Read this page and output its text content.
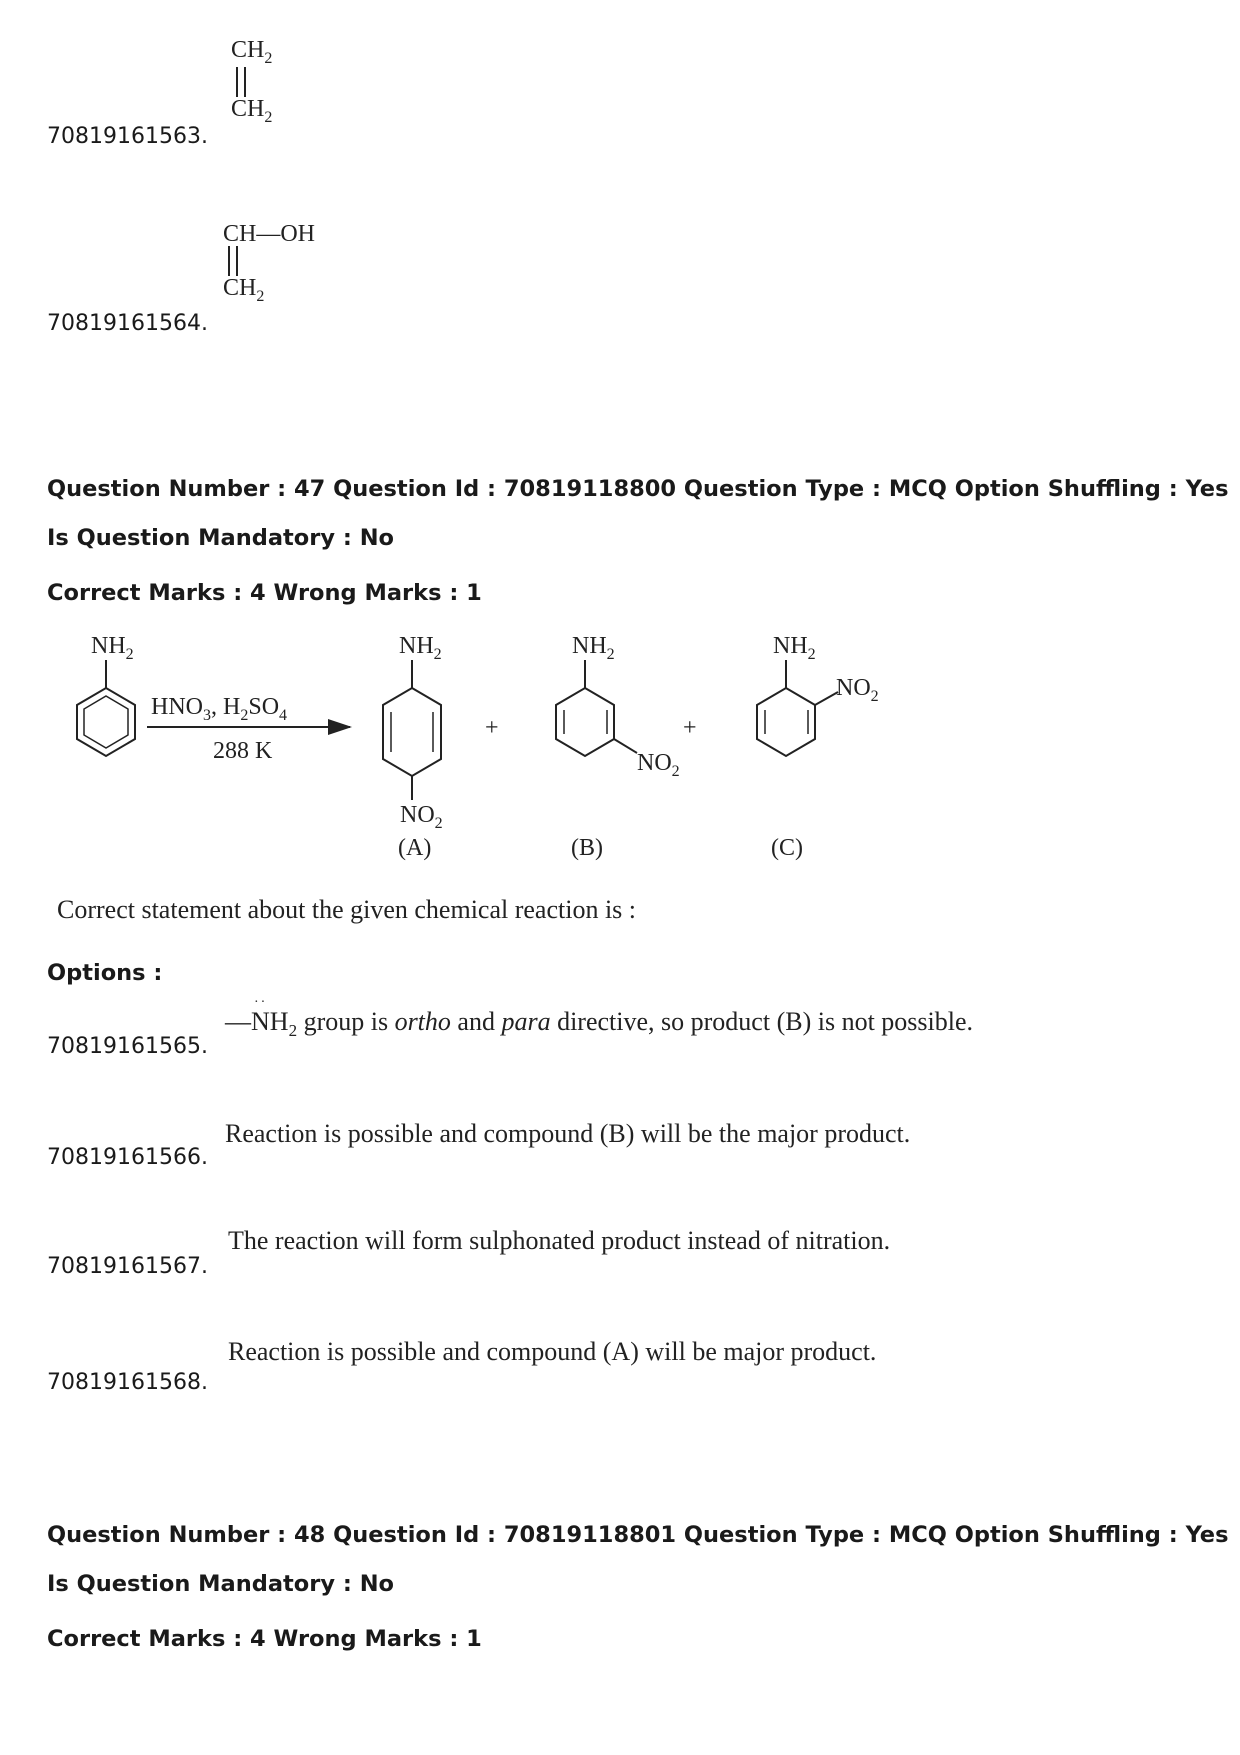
$CH_2$
$CH_2$
70819161563.
CH—OH
$CH_2$
70819161564.
Question Number : 47 Question Id : 70819118800 Question Type : MCQ Option Shuffling : Yes
Is Question Mandatory : No
Correct Marks : 4 Wrong Marks : 1
$NH_2$
$HNO_3$, $H_2SO_4$
288 K
$NH_2$
$NO_2$
(A)
+
$NH_2$
$NO_2$
(B)
+
$NH_2$
$NO_2$
(C)
Correct statement about the given chemical reaction is :
Options :
70819161565.
—
··
$NH_2$ group is ortho and para directive, so product (B) is not possible.
70819161566.
Reaction is possible and compound (B) will be the major product.
70819161567.
The reaction will form sulphonated product instead of nitration.
70819161568.
Reaction is possible and compound (A) will be major product.
Question Number : 48 Question Id : 70819118801 Question Type : MCQ Option Shuffling : Yes
Is Question Mandatory : No
Correct Marks : 4 Wrong Marks : 1
